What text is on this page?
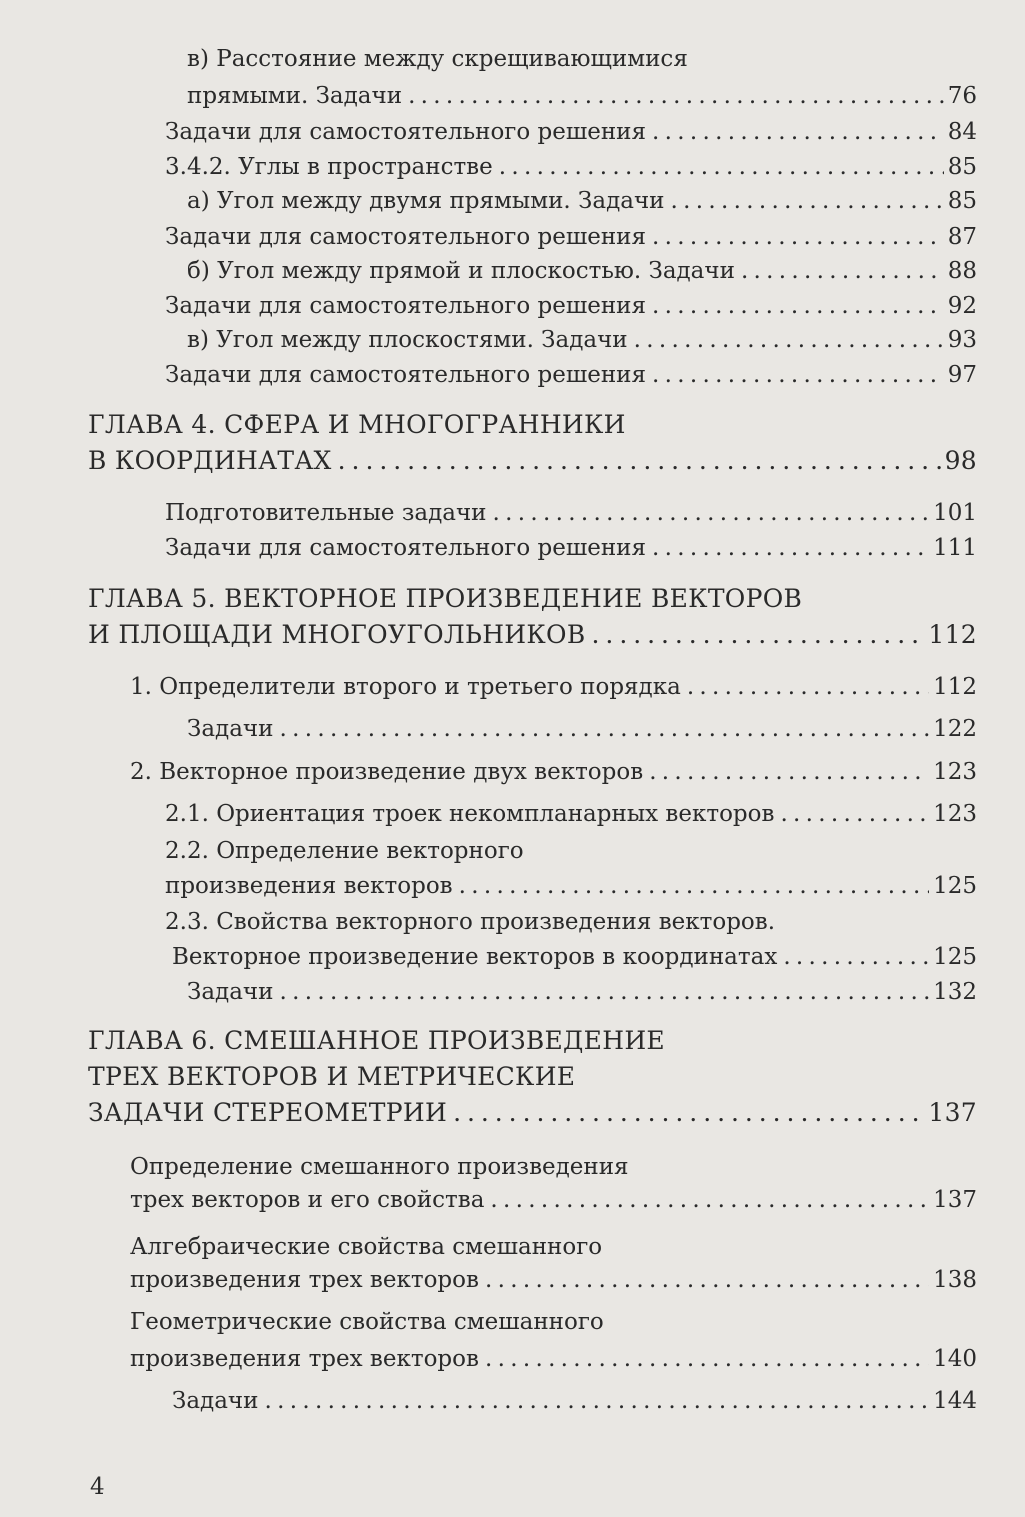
в) Расстояние между скрещивающимися
прямыми. Задачи . . .	76
Задачи для самостоятельного решения . . .	84
3.4.2. Углы в пространстве . . .	85
а) Угол между двумя прямыми. Задачи . . .	85
Задачи для самостоятельного решения . . .	87
б) Угол между прямой и плоскостью. Задачи . . .	88
Задачи для самостоятельного решения . . .	92
в) Угол между плоскостями. Задачи . . .	93
Задачи для самостоятельного решения . . .	97
ГЛАВА 4. СФЕРА И МНОГОГРАННИКИ
В КООРДИНАТАХ . . .	98
Подготовительные задачи . . .	101
Задачи для самостоятельного решения . . .	111
ГЛАВА 5. ВЕКТОРНОЕ ПРОИЗВЕДЕНИЕ ВЕКТОРОВ
И ПЛОЩАДИ МНОГОУГОЛЬНИКОВ . . .	112
1. Определители второго и третьего порядка . . .	112
Задачи . . .	122
2. Векторное произведение двух векторов . . .	123
2.1. Ориентация троек некомпланарных векторов . . .	123
2.2. Определение векторного
произведения векторов . . .	125
2.3. Свойства векторного произведения векторов.
Векторное произведение векторов в координатах . . .	125
Задачи . . .	132
ГЛАВА 6. СМЕШАННОЕ ПРОИЗВЕДЕНИЕ
ТРЕХ ВЕКТОРОВ И МЕТРИЧЕСКИЕ
ЗАДАЧИ СТЕРЕОМЕТРИИ . . .	137
Определение смешанного произведения
трех векторов и его свойства . . .	137
Алгебраические свойства смешанного
произведения трех векторов . . .	138
Геометрические свойства смешанного
произведения трех векторов . . .	140
Задачи . . .	144
4
